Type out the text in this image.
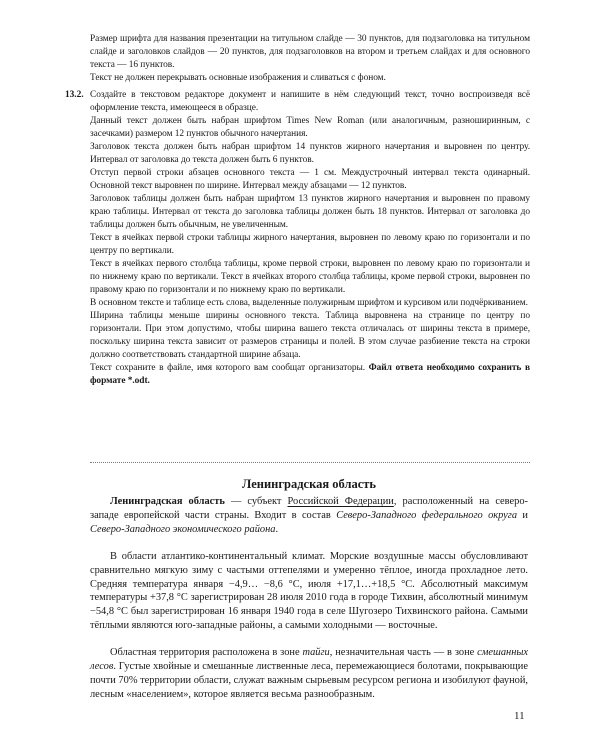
Размер шрифта для названия презентации на титульном слайде — 30 пунктов, для подзаголовка на титульном слайде и заголовков слайдов — 20 пунктов, для подзаголовков на втором и третьем слайдах и для основного текста — 16 пунктов.

Текст не должен перекрывать основные изображения и сливаться с фоном.

13.2. Создайте в текстовом редакторе документ и напишите в нём следующий текст, точно воспроизведя всё оформление текста, имеющееся в образце.

Данный текст должен быть набран шрифтом Times New Roman (или аналогичным, разноширинным, с засечками) размером 12 пунктов обычного начертания.

Заголовок текста должен быть набран шрифтом 14 пунктов жирного начертания и выровнен по центру. Интервал от заголовка до текста должен быть 6 пунктов.

Отступ первой строки абзацев основного текста — 1 см. Междустрочный интервал текста одинарный. Основной текст выровнен по ширине. Интервал между абзацами — 12 пунктов.

Заголовок таблицы должен быть набран шрифтом 13 пунктов жирного начертания и выровнен по правому краю таблицы. Интервал от текста до заголовка таблицы должен быть 18 пунктов. Интервал от заголовка до таблицы должен быть обычным, не увеличенным.

Текст в ячейках первой строки таблицы жирного начертания, выровнен по левому краю по горизонтали и по центру по вертикали.

Текст в ячейках первого столбца таблицы, кроме первой строки, выровнен по левому краю по горизонтали и по нижнему краю по вертикали. Текст в ячейках второго столбца таблицы, кроме первой строки, выровнен по правому краю по горизонтали и по нижнему краю по вертикали.

В основном тексте и таблице есть слова, выделенные полужирным шрифтом и курсивом или подчёркиванием.

Ширина таблицы меньше ширины основного текста. Таблица выровнена на странице по центру по горизонтали. При этом допустимо, чтобы ширина вашего текста отличалась от ширины текста в примере, поскольку ширина текста зависит от размеров страницы и полей. В этом случае разбиение текста на строки должно соответствовать стандартной ширине абзаца.

Текст сохраните в файле, имя которого вам сообщат организаторы. Файл ответа необходимо сохранить в формате *.odt.

Ленинградская область

Ленинградская область — субъект Российской Федерации, расположенный на северо-западе европейской части страны. Входит в состав Северо-Западного федерального округа и Северо-Западного экономического района.

В области атлантико-континентальный климат. Морские воздушные массы обусловливают сравнительно мягкую зиму с частыми оттепелями и умеренно тёплое, иногда прохладное лето. Средняя температура января −4,9… −8,6 °C, июля +17,1…+18,5 °C. Абсолютный максимум температуры +37,8 °C зарегистрирован 28 июля 2010 года в городе Тихвин, абсолютный минимум −54,8 °C был зарегистрирован 16 января 1940 года в селе Шугозеро Тихвинского района. Самыми тёплыми являются юго-западные районы, а самыми холодными — восточные.

Областная территория расположена в зоне тайги, незначительная часть — в зоне смешанных лесов. Густые хвойные и смешанные лиственные леса, перемежающиеся болотами, покрывающие почти 70% территории области, служат важным сырьевым ресурсом региона и изобилуют фауной, лесным «населением», которое является весьма разнообразным.

11
